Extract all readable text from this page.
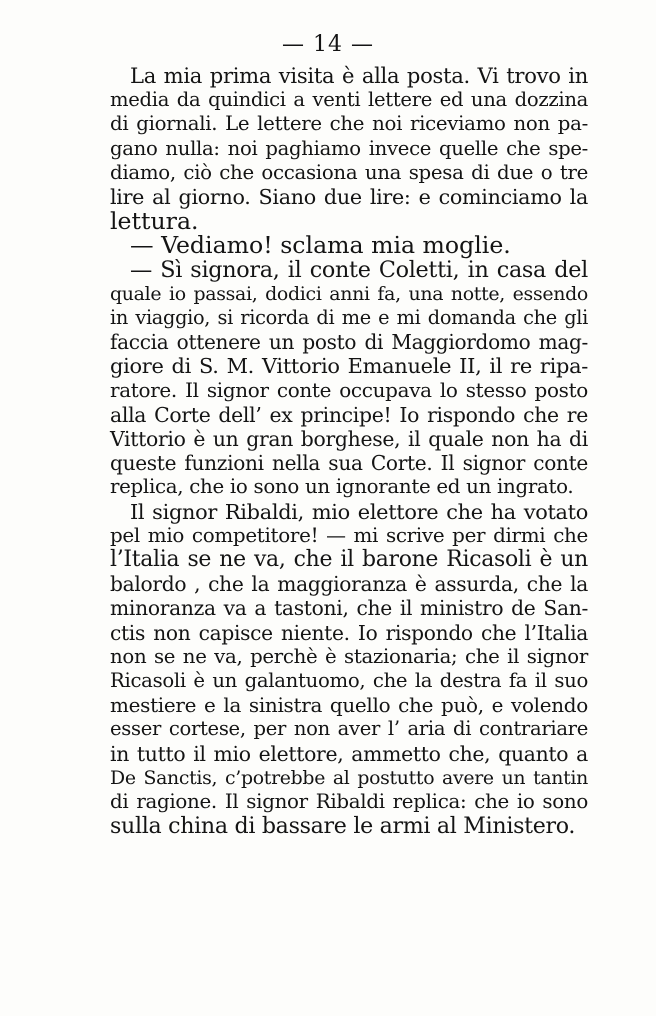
— 14 —
La mia prima visita è alla posta. Vi trovo in
media da quindici a venti lettere ed una dozzina
di giornali. Le lettere che noi riceviamo non pa-
gano nulla: noi paghiamo invece quelle che spe-
diamo, ciò che occasiona una spesa di due o tre
lire al giorno. Siano due lire: e cominciamo la
lettura.
— Vediamo! sclama mia moglie.
— Sì signora, il conte Coletti, in casa del
quale io passai, dodici anni fa, una notte, essendo
in viaggio, si ricorda di me e mi domanda che gli
faccia ottenere un posto di Maggiordomo mag-
giore di S. M. Vittorio Emanuele II, il re ripa-
ratore. Il signor conte occupava lo stesso posto
alla Corte dell’ ex principe! Io rispondo che re
Vittorio è un gran borghese, il quale non ha di
queste funzioni nella sua Corte. Il signor conte
replica, che io sono un ignorante ed un ingrato.
Il signor Ribaldi, mio elettore che ha votato
pel mio competitore! — mi scrive per dirmi che
l’Italia se ne va, che il barone Ricasoli è un
balordo , che la maggioranza è assurda, che la
minoranza va a tastoni, che il ministro de San-
ctis non capisce niente. Io rispondo che l’Italia
non se ne va, perchè è stazionaria; che il signor
Ricasoli è un galantuomo, che la destra fa il suo
mestiere e la sinistra quello che può, e volendo
esser cortese, per non aver l’ aria di contrariare
in tutto il mio elettore, ammetto che, quanto a
De Sanctis, c’potrebbe al postutto avere un tantin
di ragione. Il signor Ribaldi replica: che io sono
sulla china di bassare le armi al Ministero.
